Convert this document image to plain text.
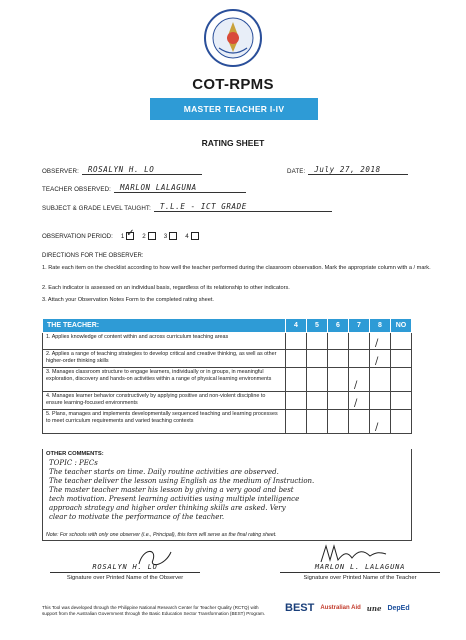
COT-RPMS
MASTER TEACHER I-IV
RATING SHEET
OBSERVER:	ROSALYN H. LO	DATE:	July 27, 2018
TEACHER OBSERVED:	MARLON LALAGUNA
SUBJECT & GRADE LEVEL TAUGHT:	T.L.E - ICT GRADE
OBSERVATION PERIOD: 1 ✓	2	3	4
DIRECTIONS FOR THE OBSERVER:
1. Rate each item on the checklist according to how well the teacher performed during the classroom observation. Mark the appropriate column with a / mark.
2. Each indicator is assessed on an individual basis, regardless of its relationship to other indicators.
3. Attach your Observation Notes Form to the completed rating sheet.
THE TEACHER:	4	5	6	7	8	NO
1. Applies knowledge of content within and across curriculum teaching areas					/	

2. Applies a range of teaching strategies to develop critical and creative thinking, as well as other higher-order thinking skills					/	

3. Manages classroom structure to engage learners, individually or in groups, in meaningful exploration, discovery and hands-on activities within a range of physical learning environments				/		

4. Manages learner behavior constructively by applying positive and non-violent discipline to ensure learning-focused environments				/		

5. Plans, manages and implements developmentally sequenced teaching and learning processes to meet curriculum requirements and varied teaching contexts					/	

OTHER COMMENTS:
TOPIC : PECs
The teacher starts on time. Daily routine activities are observed.
The teacher deliver the lesson using English as the medium of Instruction.
The master teacher master his lesson by giving a very good and best
tech motivation. Present learning activities using multiple intelligence
approach strategy and higher order thinking skills are asked. Very
clear to motivate the performance of the teacher.
Note: For schools with only one observer (i.e., Principal), this form will serve as the final rating sheet.
ROSALYN H. LO
Signature over Printed Name of the Observer
MARLON L. LALAGUNA
Signature over Printed Name of the Teacher
This Tool was developed through the Philippine National Research Center for Teacher Quality (RCTQ) with support from the Australian Government through the Basic Education Sector Transformation (BEST) Program.	BEST Australian Aid une DepEd
